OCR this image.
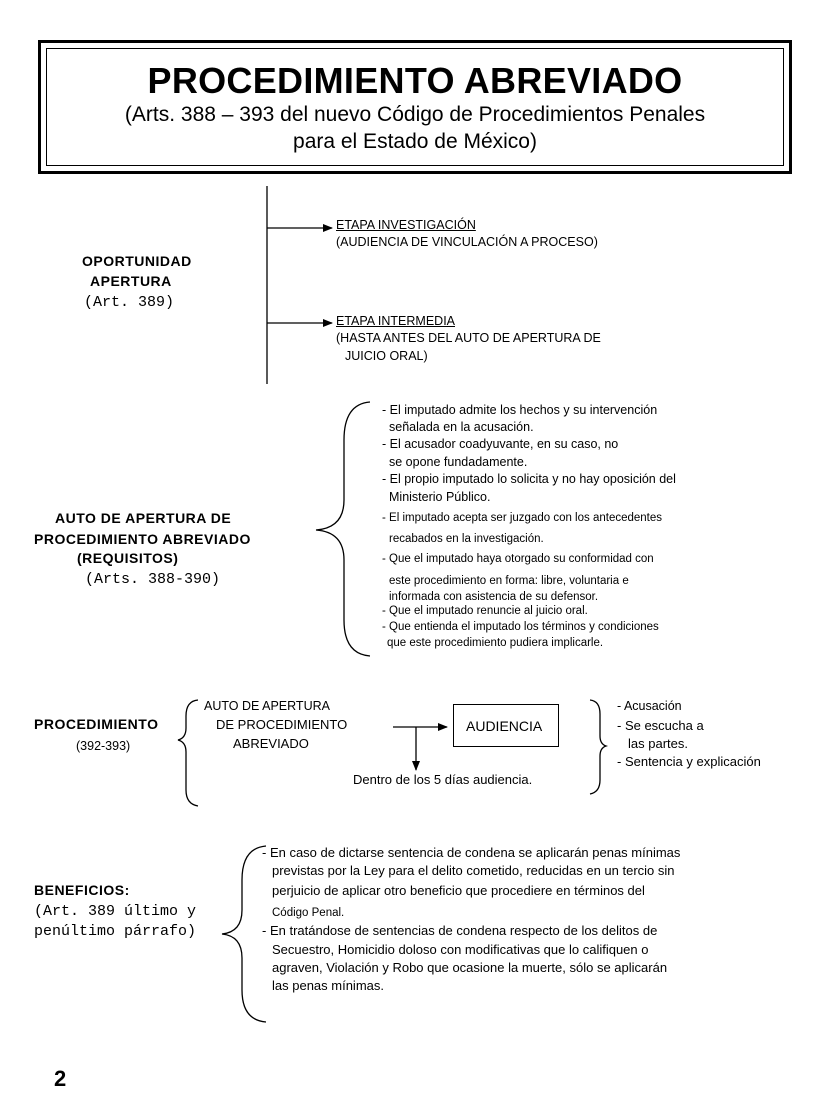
PROCEDIMIENTO ABREVIADO
(Arts. 388 – 393 del nuevo Código de Procedimientos Penales
para el Estado de México)
OPORTUNIDAD
APERTURA
(Art. 389)
ETAPA INVESTIGACIÓN
(AUDIENCIA DE VINCULACIÓN A PROCESO)
ETAPA INTERMEDIA
(HASTA ANTES DEL AUTO DE APERTURA DE
JUICIO ORAL)
AUTO DE APERTURA DE
PROCEDIMIENTO ABREVIADO
(REQUISITOS)
(Arts. 388-390)
- El imputado admite los hechos y su intervención
señalada en la acusación.
- El acusador coadyuvante, en su caso, no
se opone fundadamente.
- El propio imputado lo solicita y no hay oposición del
Ministerio Público.
- El imputado acepta ser juzgado con los antecedentes
recabados en la investigación.
- Que el imputado haya otorgado su conformidad con
este procedimiento en forma: libre, voluntaria e
informada con asistencia de su defensor.
- Que el imputado renuncie al juicio oral.
- Que entienda el imputado los términos y condiciones
que este procedimiento pudiera implicarle.
PROCEDIMIENTO
(392-393)
AUTO DE APERTURA
DE PROCEDIMIENTO
ABREVIADO
AUDIENCIA
Dentro de los 5 días audiencia.
- Acusación
- Se escucha a
las partes.
- Sentencia y explicación
BENEFICIOS:
(Art. 389 último y
penúltimo párrafo)
- En caso de dictarse sentencia de condena se aplicarán penas mínimas
previstas por la Ley para el delito cometido, reducidas en un tercio sin
perjuicio de aplicar otro beneficio que procediere en términos del
Código Penal.
- En tratándose de sentencias de condena respecto de los delitos de
Secuestro, Homicidio doloso con modificativas que lo califiquen o
agraven, Violación y Robo que ocasione la muerte, sólo se aplicarán
las penas mínimas.
2
